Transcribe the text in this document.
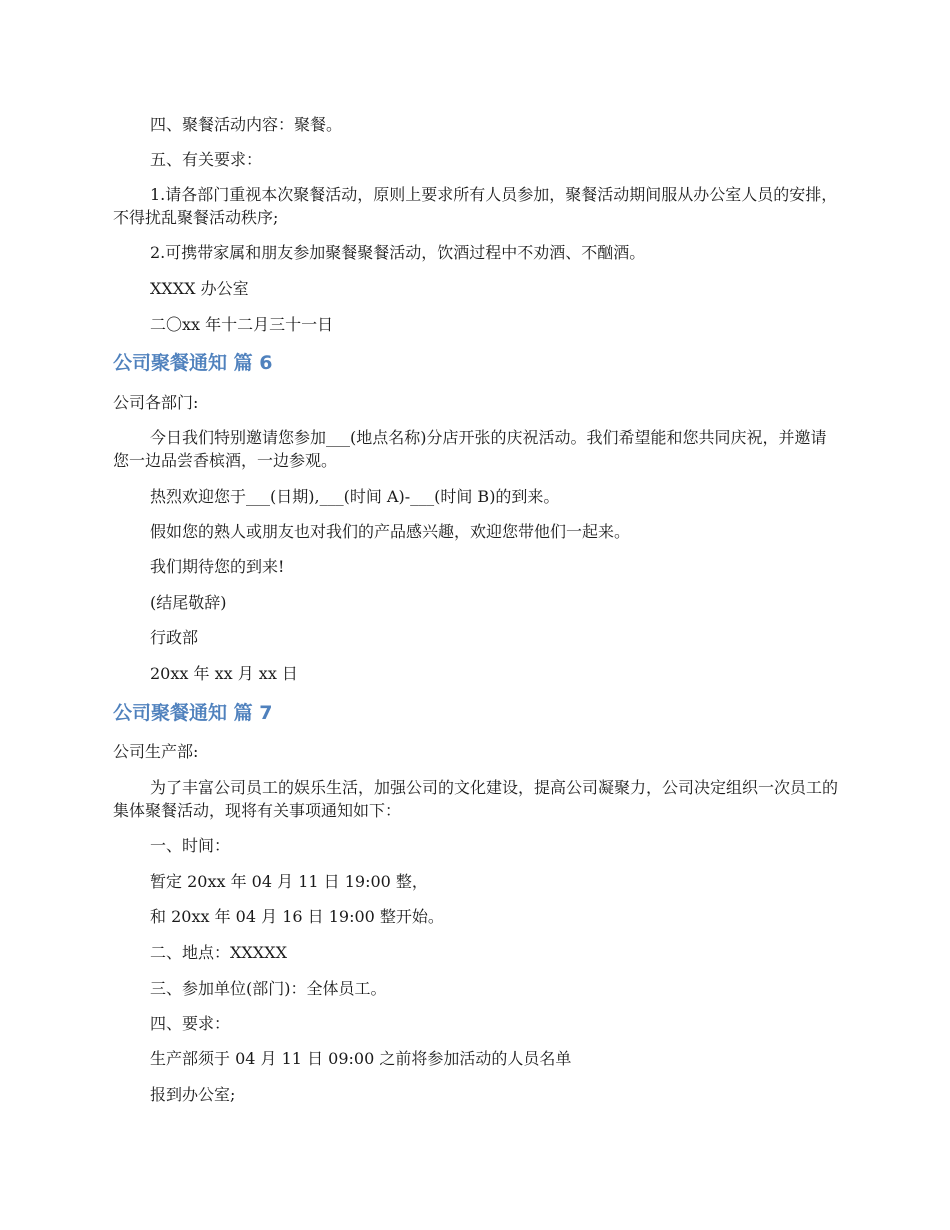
四、聚餐活动内容：聚餐。

五、有关要求：

1.请各部门重视本次聚餐活动，原则上要求所有人员参加，聚餐活动期间服从办公室人员的安排，不得扰乱聚餐活动秩序;

2.可携带家属和朋友参加聚餐聚餐活动，饮酒过程中不劝酒、不酗酒。

XXXX 办公室

二〇xx 年十二月三十一日

公司聚餐通知 篇 6

公司各部门:

今日我们特别邀请您参加___(地点名称)分店开张的庆祝活动。我们希望能和您共同庆祝，并邀请您一边品尝香槟酒，一边参观。

热烈欢迎您于___(日期),___(时间 A)-___(时间 B)的到来。

假如您的熟人或朋友也对我们的产品感兴趣，欢迎您带他们一起来。

我们期待您的到来!

(结尾敬辞)

行政部

20xx 年 xx 月 xx 日

公司聚餐通知 篇 7

公司生产部:

为了丰富公司员工的娱乐生活，加强公司的文化建设，提高公司凝聚力，公司决定组织一次员工的集体聚餐活动，现将有关事项通知如下：

一、时间：

暂定 20xx 年 04 月 11 日 19:00 整，

和 20xx 年 04 月 16 日 19:00 整开始。

二、地点：XXXXX

三、参加单位(部门)：全体员工。

四、要求：

生产部须于 04 月 11 日 09:00 之前将参加活动的人员名单

报到办公室;
